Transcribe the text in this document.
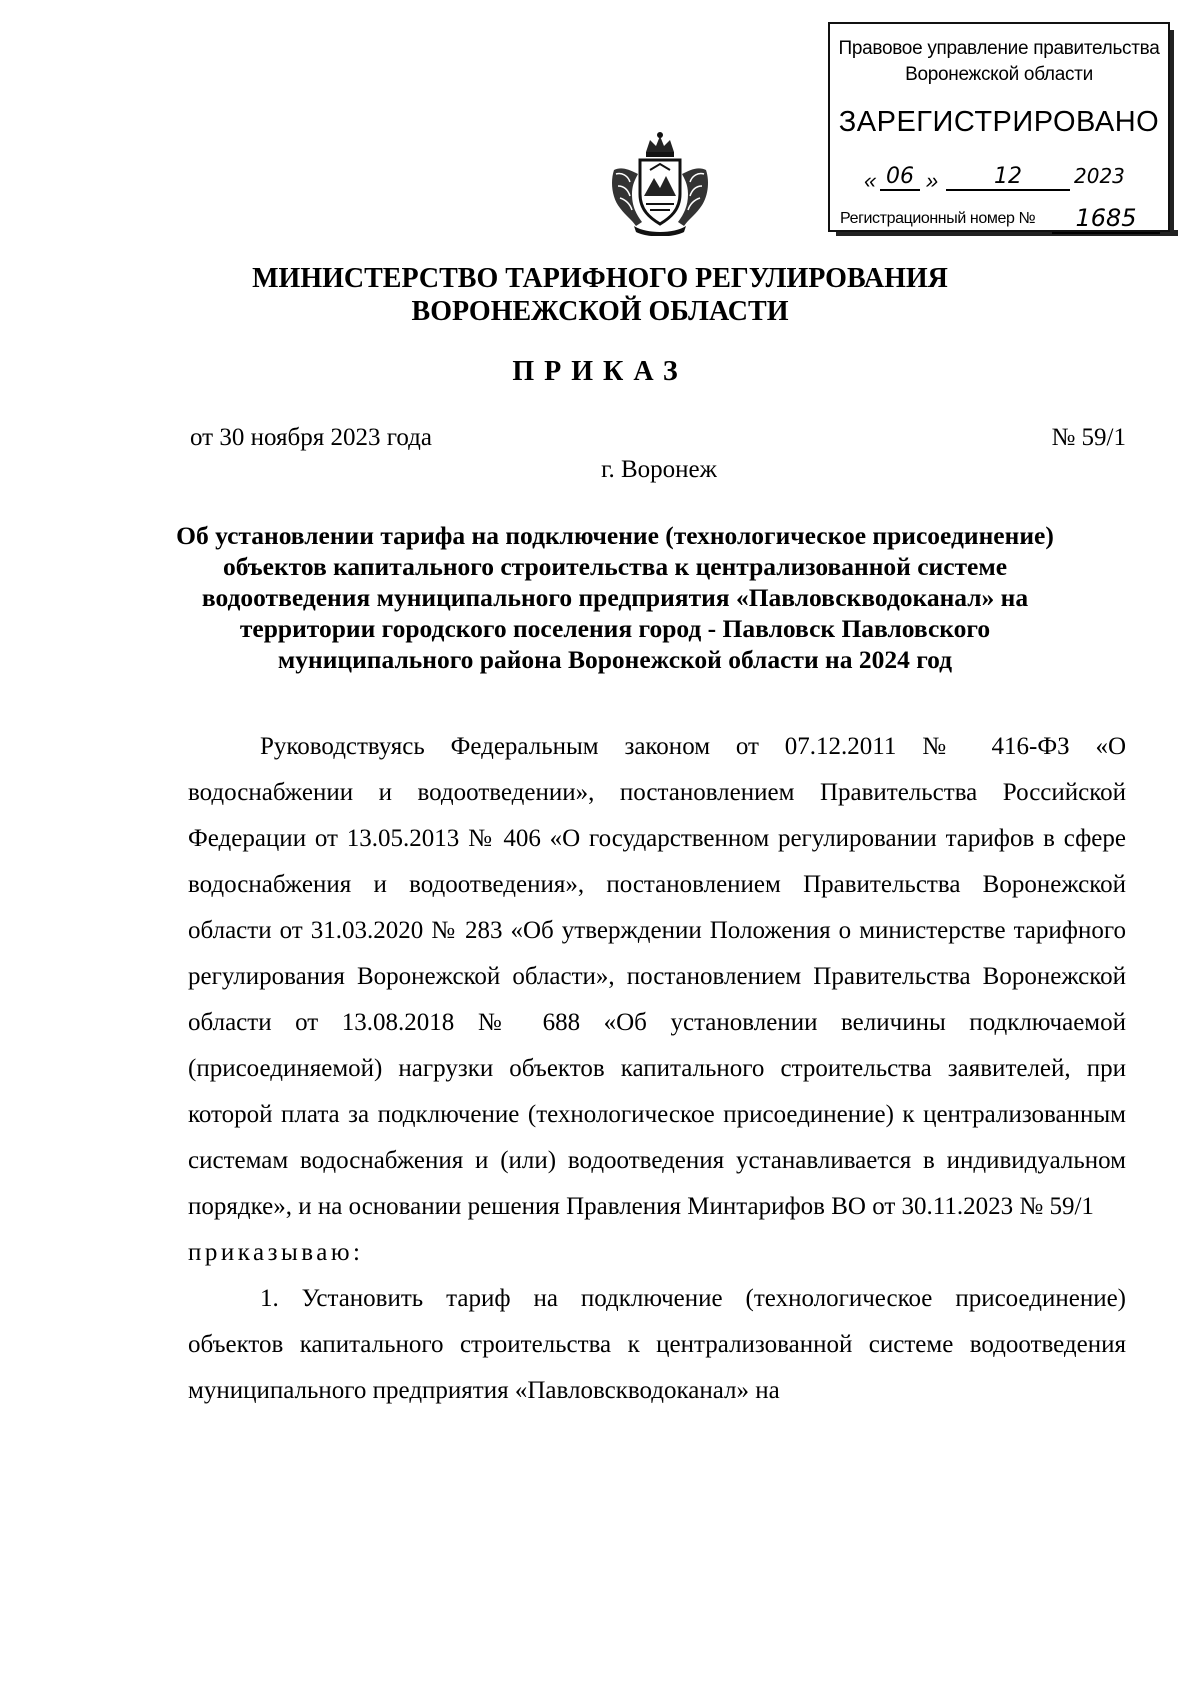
Правовое управление правительства
Воронежской области
ЗАРЕГИСТРИРОВАНО
« 06 »	12	2023
Регистрационный номер №	1685
МИНИСТЕРСТВО ТАРИФНОГО РЕГУЛИРОВАНИЯ
ВОРОНЕЖСКОЙ ОБЛАСТИ
ПРИКАЗ
от 30 ноября 2023 года	№ 59/1
г. Воронеж
Об установлении тарифа на подключение (технологическое присоединение) объектов капитального строительства к централизованной системе водоотведения муниципального предприятия «Павловскводоканал» на территории городского поселения город - Павловск Павловского муниципального района Воронежской области на 2024 год

Руководствуясь Федеральным законом от 07.12.2011 № 416-ФЗ «О водоснабжении и водоотведении», постановлением Правительства Российской Федерации от 13.05.2013 № 406 «О государственном регулировании тарифов в сфере водоснабжения и водоотведения», постановлением Правительства Воронежской области от 31.03.2020 № 283 «Об утверждении Положения о министерстве тарифного регулирования Воронежской области», постановлением Правительства Воронежской области от 13.08.2018 № 688 «Об установлении величины подключаемой (присоединяемой) нагрузки объектов капитального строительства заявителей, при которой плата за подключение (технологическое присоединение) к централизованным системам водоснабжения и (или) водоотведения устанавливается в индивидуальном порядке», и на основании решения Правления Минтарифов ВО от 30.11.2023 № 59/1

приказываю:

1. Установить тариф на подключение (технологическое присоединение) объектов капитального строительства к централизованной системе водоотведения муниципального предприятия «Павловскводоканал» на
